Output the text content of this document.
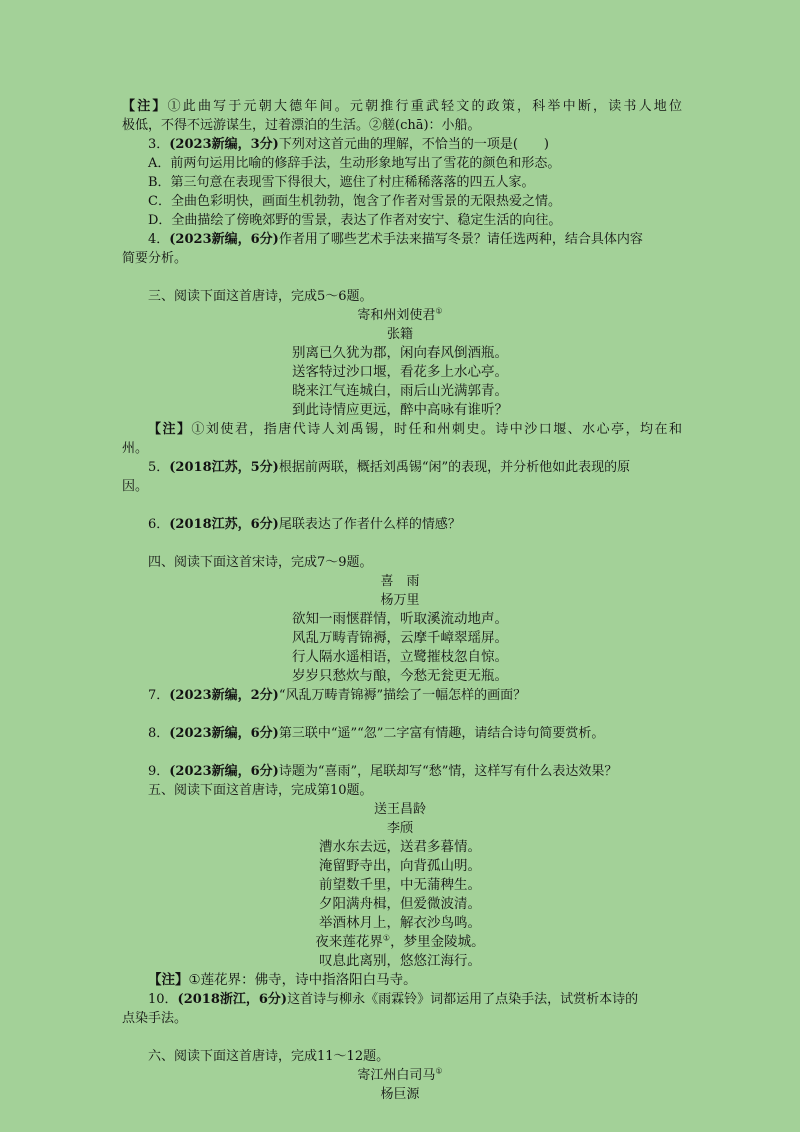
【注】①此曲写于元朝大德年间。元朝推行重武轻文的政策，科举中断，读书人地位
极低，不得不远游谋生，过着漂泊的生活。②艖(chā)：小船。
3．(2023新编，3分)下列对这首元曲的理解，不恰当的一项是(　　)
A．前两句运用比喻的修辞手法，生动形象地写出了雪花的颜色和形态。
B．第三句意在表现雪下得很大，遮住了村庄稀稀落落的四五人家。
C．全曲色彩明快，画面生机勃勃，饱含了作者对雪景的无限热爱之情。
D．全曲描绘了傍晚郊野的雪景，表达了作者对安宁、稳定生活的向往。
4．(2023新编，6分)作者用了哪些艺术手法来描写冬景？请任选两种，结合具体内容
简要分析。
三、阅读下面这首唐诗，完成5～6题。
寄和州刘使君①
张籍
别离已久犹为郡，闲向春风倒酒瓶。
送客特过沙口堰，看花多上水心亭。
晓来江气连城白，雨后山光满郭青。
到此诗情应更远，醉中高咏有谁听？
【注】①刘使君，指唐代诗人刘禹锡，时任和州刺史。诗中沙口堰、水心亭，均在和
州。
5．(2018江苏，5分)根据前两联，概括刘禹锡“闲”的表现，并分析他如此表现的原
因。
6．(2018江苏，6分)尾联表达了作者什么样的情感？
四、阅读下面这首宋诗，完成7～9题。
喜　雨
杨万里
欲知一雨惬群情，听取溪流动地声。
风乱万畴青锦褥，云摩千嶂翠瑶屏。
行人隔水遥相语，立鹭摧枝忽自惊。
岁岁只愁炊与酿，今愁无瓮更无瓶。
7．(2023新编，2分)“风乱万畴青锦褥”描绘了一幅怎样的画面？
8．(2023新编，6分)第三联中“遥”“忽”二字富有情趣，请结合诗句简要赏析。
9．(2023新编，6分)诗题为“喜雨”，尾联却写“愁”情，这样写有什么表达效果？
五、阅读下面这首唐诗，完成第10题。
送王昌龄
李颀
漕水东去远，送君多暮情。
淹留野寺出，向背孤山明。
前望数千里，中无蒲稗生。
夕阳满舟楫，但爱微波清。
举酒林月上，解衣沙鸟鸣。
夜来莲花界①，梦里金陵城。
叹息此离别，悠悠江海行。
【注】①莲花界：佛寺，诗中指洛阳白马寺。
10．(2018浙江，6分)这首诗与柳永《雨霖铃》词都运用了点染手法，试赏析本诗的
点染手法。
六、阅读下面这首唐诗，完成11～12题。
寄江州白司马①
杨巨源
